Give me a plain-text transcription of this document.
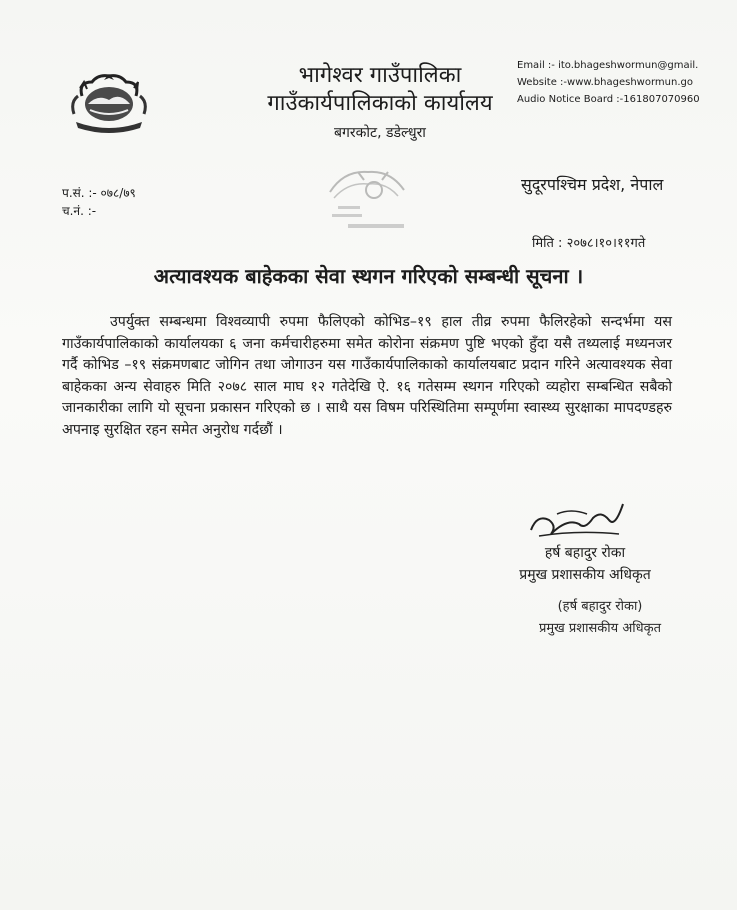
भागेश्वर गाउँपालिका
गाउँकार्यपालिकाको कार्यालय
बगरकोट, डडेल्धुरा
Email :- ito.bhageshwormun@gmail.
Website :-www.bhageshwormun.go
Audio Notice Board :-161807070960
प.सं. :- ०७८/७९
च.नं. :-
सुदूरपश्चिम प्रदेश, नेपाल
मिति : २०७८।१०।११गते
अत्यावश्यक बाहेकका सेवा स्थगन गरिएको सम्बन्धी सूचना ।
उपर्युक्त सम्बन्धमा विश्वव्यापी रुपमा फैलिएको कोभिड–१९ हाल तीव्र रुपमा फैलिरहेको सन्दर्भमा यस गाउँकार्यपालिकाको कार्यालयका ६ जना कर्मचारीहरुमा समेत कोरोना संक्रमण पुष्टि भएको हुँदा यसै तथ्यलाई मध्यनजर गर्दै कोभिड –१९ संक्रमणबाट जोगिन तथा जोगाउन यस गाउँकार्यपालिकाको कार्यालयबाट प्रदान गरिने अत्यावश्यक सेवा बाहेकका अन्य सेवाहरु मिति २०७८ साल माघ १२ गतेदेखि ऐ. १६ गतेसम्म स्थगन गरिएको व्यहोरा सम्बन्धित सबैको जानकारीका लागि यो सूचना प्रकासन गरिएको छ । साथै यस विषम परिस्थितिमा सम्पूर्णमा स्वास्थ्य सुरक्षाका मापदण्डहरु अपनाइ सुरक्षित रहन समेत अनुरोध गर्दछौं ।
हर्ष बहादुर रोका
प्रमुख प्रशासकीय अधिकृत
(हर्ष बहादुर रोका)
प्रमुख प्रशासकीय अधिकृत
